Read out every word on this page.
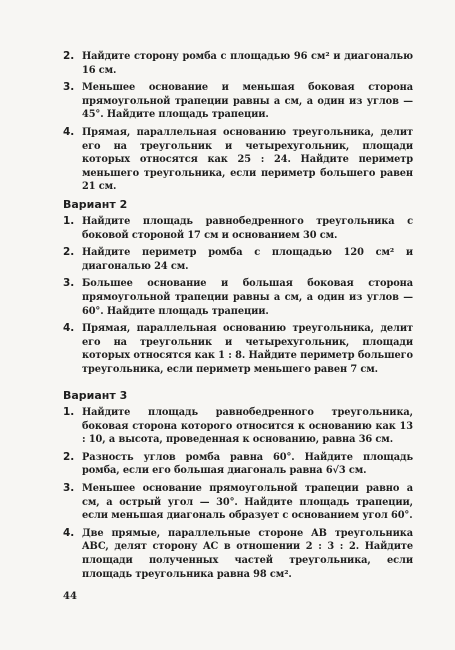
2. Найдите сторону ромба с площадью 96 см² и диагональю 16 см.
3. Меньшее основание и меньшая боковая сторона прямоугольной трапеции равны a см, а один из углов — 45°. Найдите площадь трапеции.
4. Прямая, параллельная основанию треугольника, делит его на треугольник и четырехугольник, площади которых относятся как 25 : 24. Найдите периметр меньшего треугольника, если периметр большего равен 21 см.
Вариант 2
1. Найдите площадь равнобедренного треугольника с боковой стороной 17 см и основанием 30 см.
2. Найдите периметр ромба с площадью 120 см² и диагональю 24 см.
3. Большее основание и большая боковая сторона прямоугольной трапеции равны a см, а один из углов — 60°. Найдите площадь трапеции.
4. Прямая, параллельная основанию треугольника, делит его на треугольник и четырехугольник, площади которых относятся как 1 : 8. Найдите периметр большего треугольника, если периметр меньшего равен 7 см.
Вариант 3
1. Найдите площадь равнобедренного треугольника, боковая сторона которого относится к основанию как 13 : 10, а высота, проведенная к основанию, равна 36 см.
2. Разность углов ромба равна 60°. Найдите площадь ромба, если его большая диагональ равна 6√3 см.
3. Меньшее основание прямоугольной трапеции равно a см, а острый угол — 30°. Найдите площадь трапеции, если меньшая диагональ образует с основанием угол 60°.
4. Две прямые, параллельные стороне AB треугольника ABC, делят сторону AC в отношении 2 : 3 : 2. Найдите площади полученных частей треугольника, если площадь треугольника равна 98 см².
44
